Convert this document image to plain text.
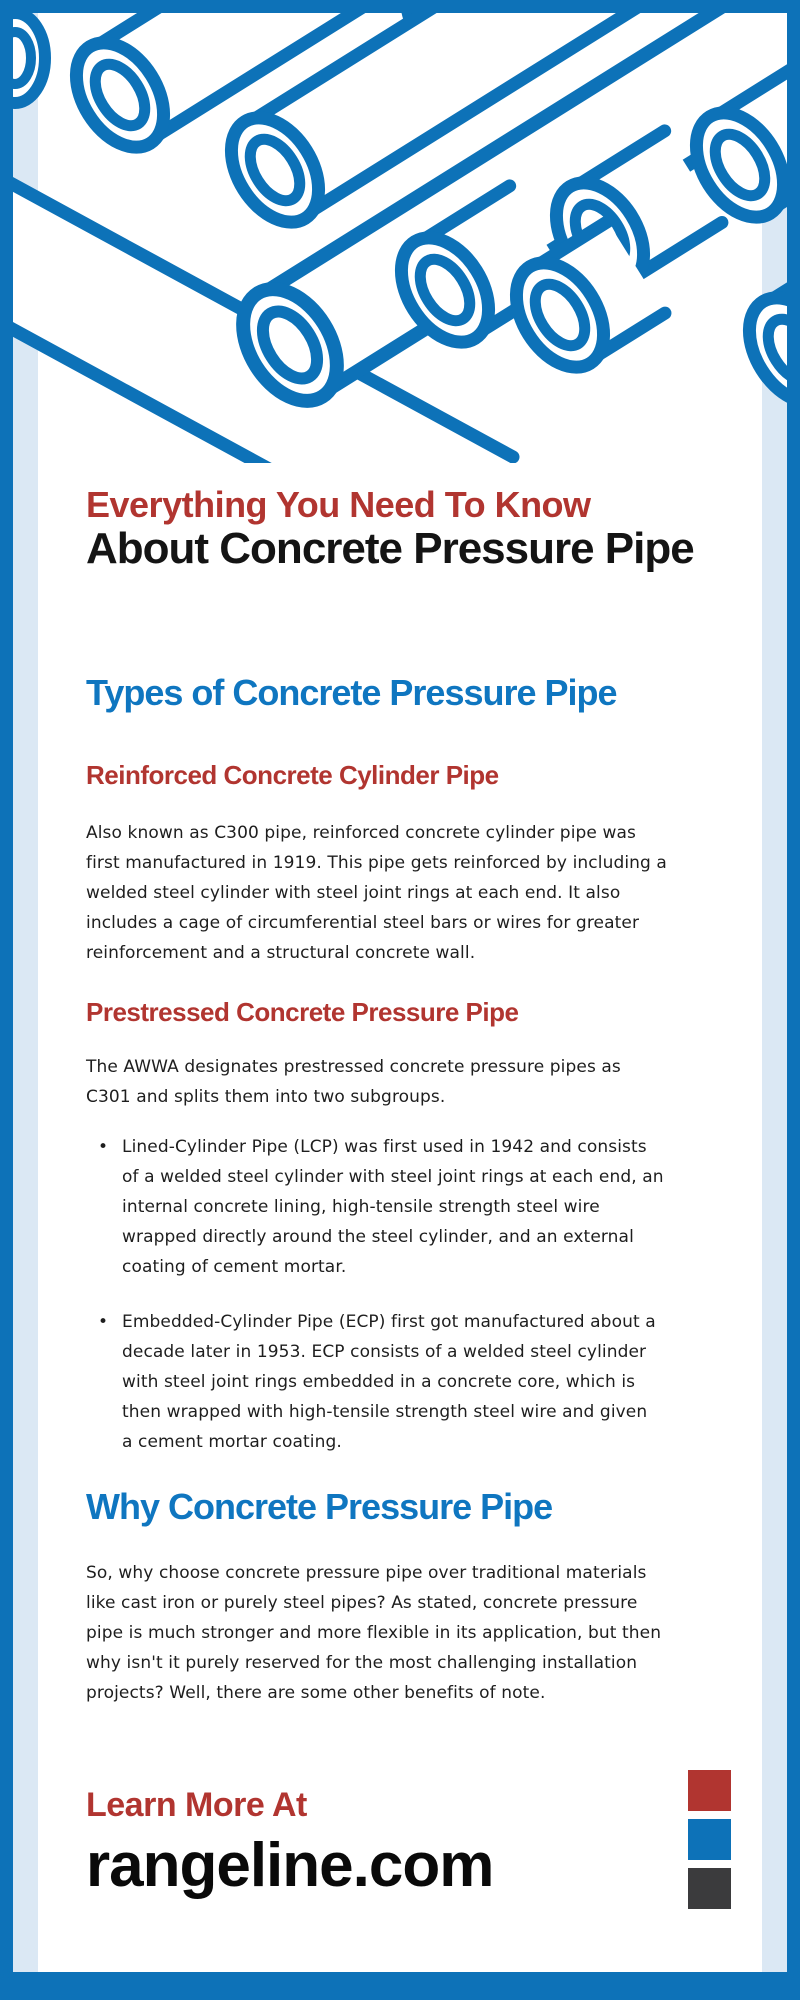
Everything You Need To Know
About Concrete Pressure Pipe
Types of Concrete Pressure Pipe
Reinforced Concrete Cylinder Pipe
Also known as C300 pipe, reinforced concrete cylinder pipe was
first manufactured in 1919. This pipe gets reinforced by including a
welded steel cylinder with steel joint rings at each end. It also
includes a cage of circumferential steel bars or wires for greater
reinforcement and a structural concrete wall.
Prestressed Concrete Pressure Pipe
The AWWA designates prestressed concrete pressure pipes as
C301 and splits them into two subgroups.
• Lined-Cylinder Pipe (LCP) was first used in 1942 and consists
of a welded steel cylinder with steel joint rings at each end, an
internal concrete lining, high-tensile strength steel wire
wrapped directly around the steel cylinder, and an external
coating of cement mortar.
• Embedded-Cylinder Pipe (ECP) first got manufactured about a
decade later in 1953. ECP consists of a welded steel cylinder
with steel joint rings embedded in a concrete core, which is
then wrapped with high-tensile strength steel wire and given
a cement mortar coating.
Why Concrete Pressure Pipe
So, why choose concrete pressure pipe over traditional materials
like cast iron or purely steel pipes? As stated, concrete pressure
pipe is much stronger and more flexible in its application, but then
why isn't it purely reserved for the most challenging installation
projects? Well, there are some other benefits of note.
Learn More At
rangeline.com
